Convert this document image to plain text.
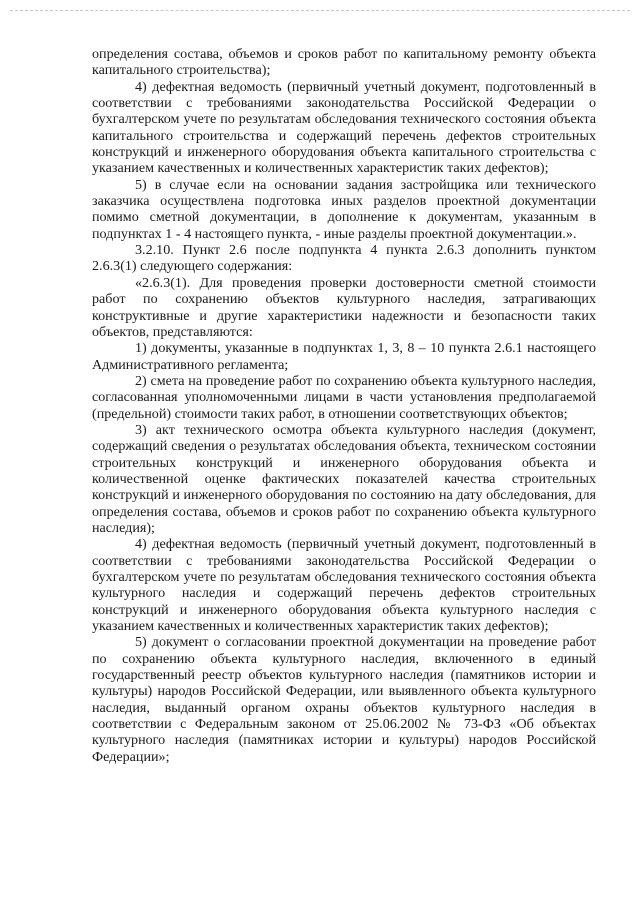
определения состава, объемов и сроков работ по капитальному ремонту объекта капитального строительства);

4) дефектная ведомость (первичный учетный документ, подготовленный в соответствии с требованиями законодательства Российской Федерации о бухгалтерском учете по результатам обследования технического состояния объекта капитального строительства и содержащий перечень дефектов строительных конструкций и инженерного оборудования объекта капитального строительства с указанием качественных и количественных характеристик таких дефектов);

5) в случае если на основании задания застройщика или технического заказчика осуществлена подготовка иных разделов проектной документации помимо сметной документации, в дополнение к документам, указанным в подпунктах 1 - 4 настоящего пункта, - иные разделы проектной документации.».

3.2.10. Пункт 2.6 после подпункта 4 пункта 2.6.3 дополнить пунктом 2.6.3(1) следующего содержания:

«2.6.3(1). Для проведения проверки достоверности сметной стоимости работ по сохранению объектов культурного наследия, затрагивающих конструктивные и другие характеристики надежности и безопасности таких объектов, представляются:

1) документы, указанные в подпунктах 1, 3, 8 – 10 пункта 2.6.1 настоящего Административного регламента;

2) смета на проведение работ по сохранению объекта культурного наследия, согласованная уполномоченными лицами в части установления предполагаемой (предельной) стоимости таких работ, в отношении соответствующих объектов;

3) акт технического осмотра объекта культурного наследия (документ, содержащий сведения о результатах обследования объекта, техническом состоянии строительных конструкций и инженерного оборудования объекта и количественной оценке фактических показателей качества строительных конструкций и инженерного оборудования по состоянию на дату обследования, для определения состава, объемов и сроков работ по сохранению объекта культурного наследия);

4) дефектная ведомость (первичный учетный документ, подготовленный в соответствии с требованиями законодательства Российской Федерации о бухгалтерском учете по результатам обследования технического состояния объекта культурного наследия и содержащий перечень дефектов строительных конструкций и инженерного оборудования объекта культурного наследия с указанием качественных и количественных характеристик таких дефектов);

5) документ о согласовании проектной документации на проведение работ по сохранению объекта культурного наследия, включенного в единый государственный реестр объектов культурного наследия (памятников истории и культуры) народов Российской Федерации, или выявленного объекта культурного наследия, выданный органом охраны объектов культурного наследия в соответствии с Федеральным законом от 25.06.2002 № 73-ФЗ «Об объектах культурного наследия (памятниках истории и культуры) народов Российской Федерации»;
